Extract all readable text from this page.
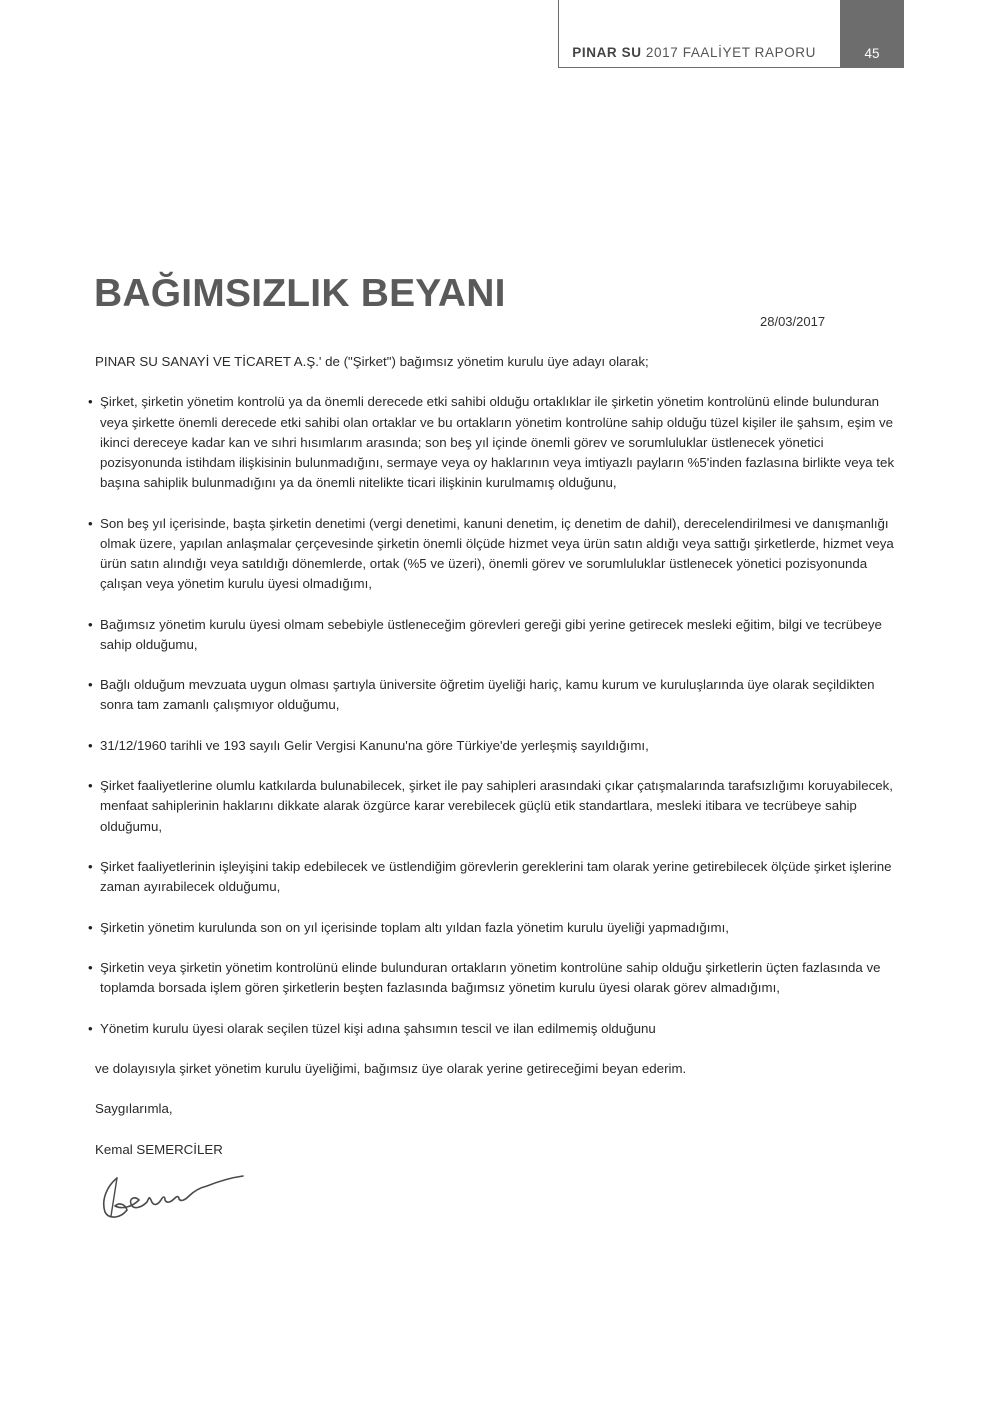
PINAR SU 2017 FAALİYET RAPORU	45
BAĞIMSIZLIK BEYANI
28/03/2017

PINAR SU SANAYİ VE TİCARET A.Ş.' de ("Şirket") bağımsız yönetim kurulu üye adayı olarak;

• Şirket, şirketin yönetim kontrolü ya da önemli derecede etki sahibi olduğu ortaklıklar ile şirketin yönetim kontrolünü elinde bulunduran veya şirkette önemli derecede etki sahibi olan ortaklar ve bu ortakların yönetim kontrolüne sahip olduğu tüzel kişiler ile şahsım, eşim ve ikinci dereceye kadar kan ve sıhri hısımlarım arasında; son beş yıl içinde önemli görev ve sorumluluklar üstlenecek yönetici pozisyonunda istihdam ilişkisinin bulunmadığını, sermaye veya oy haklarının veya imtiyazlı payların %5'inden fazlasına birlikte veya tek başına sahiplik bulunmadığını ya da önemli nitelikte ticari ilişkinin kurulmamış olduğunu,
• Son beş yıl içerisinde, başta şirketin denetimi (vergi denetimi, kanuni denetim, iç denetim de dahil), derecelendirilmesi ve danışmanlığı olmak üzere, yapılan anlaşmalar çerçevesinde şirketin önemli ölçüde hizmet veya ürün satın aldığı veya sattığı şirketlerde, hizmet veya ürün satın alındığı veya satıldığı dönemlerde, ortak (%5 ve üzeri), önemli görev ve sorumluluklar üstlenecek yönetici pozisyonunda çalışan veya yönetim kurulu üyesi olmadığımı,
• Bağımsız yönetim kurulu üyesi olmam sebebiyle üstleneceğim görevleri gereği gibi yerine getirecek mesleki eğitim, bilgi ve tecrübeye sahip olduğumu,
• Bağlı olduğum mevzuata uygun olması şartıyla üniversite öğretim üyeliği hariç, kamu kurum ve kuruluşlarında üye olarak seçildikten sonra tam zamanlı çalışmıyor olduğumu,
• 31/12/1960 tarihli ve 193 sayılı Gelir Vergisi Kanunu'na göre Türkiye'de yerleşmiş sayıldığımı,
• Şirket faaliyetlerine olumlu katkılarda bulunabilecek, şirket ile pay sahipleri arasındaki çıkar çatışmalarında tarafsızlığımı koruyabilecek, menfaat sahiplerinin haklarını dikkate alarak özgürce karar verebilecek güçlü etik standartlara, mesleki itibara ve tecrübeye sahip olduğumu,
• Şirket faaliyetlerinin işleyişini takip edebilecek ve üstlendiğim görevlerin gereklerini tam olarak yerine getirebilecek ölçüde şirket işlerine zaman ayırabilecek olduğumu,
• Şirketin yönetim kurulunda son on yıl içerisinde toplam altı yıldan fazla yönetim kurulu üyeliği yapmadığımı,
• Şirketin veya şirketin yönetim kontrolünü elinde bulunduran ortakların yönetim kontrolüne sahip olduğu şirketlerin üçten fazlasında ve toplamda borsada işlem gören şirketlerin beşten fazlasında bağımsız yönetim kurulu üyesi olarak görev almadığımı,
• Yönetim kurulu üyesi olarak seçilen tüzel kişi adına şahsımın tescil ve ilan edilmemiş olduğunu

ve dolayısıyla şirket yönetim kurulu üyeliğimi, bağımsız üye olarak yerine getireceğimi beyan ederim.

Saygılarımla,

Kemal SEMERCİLER
